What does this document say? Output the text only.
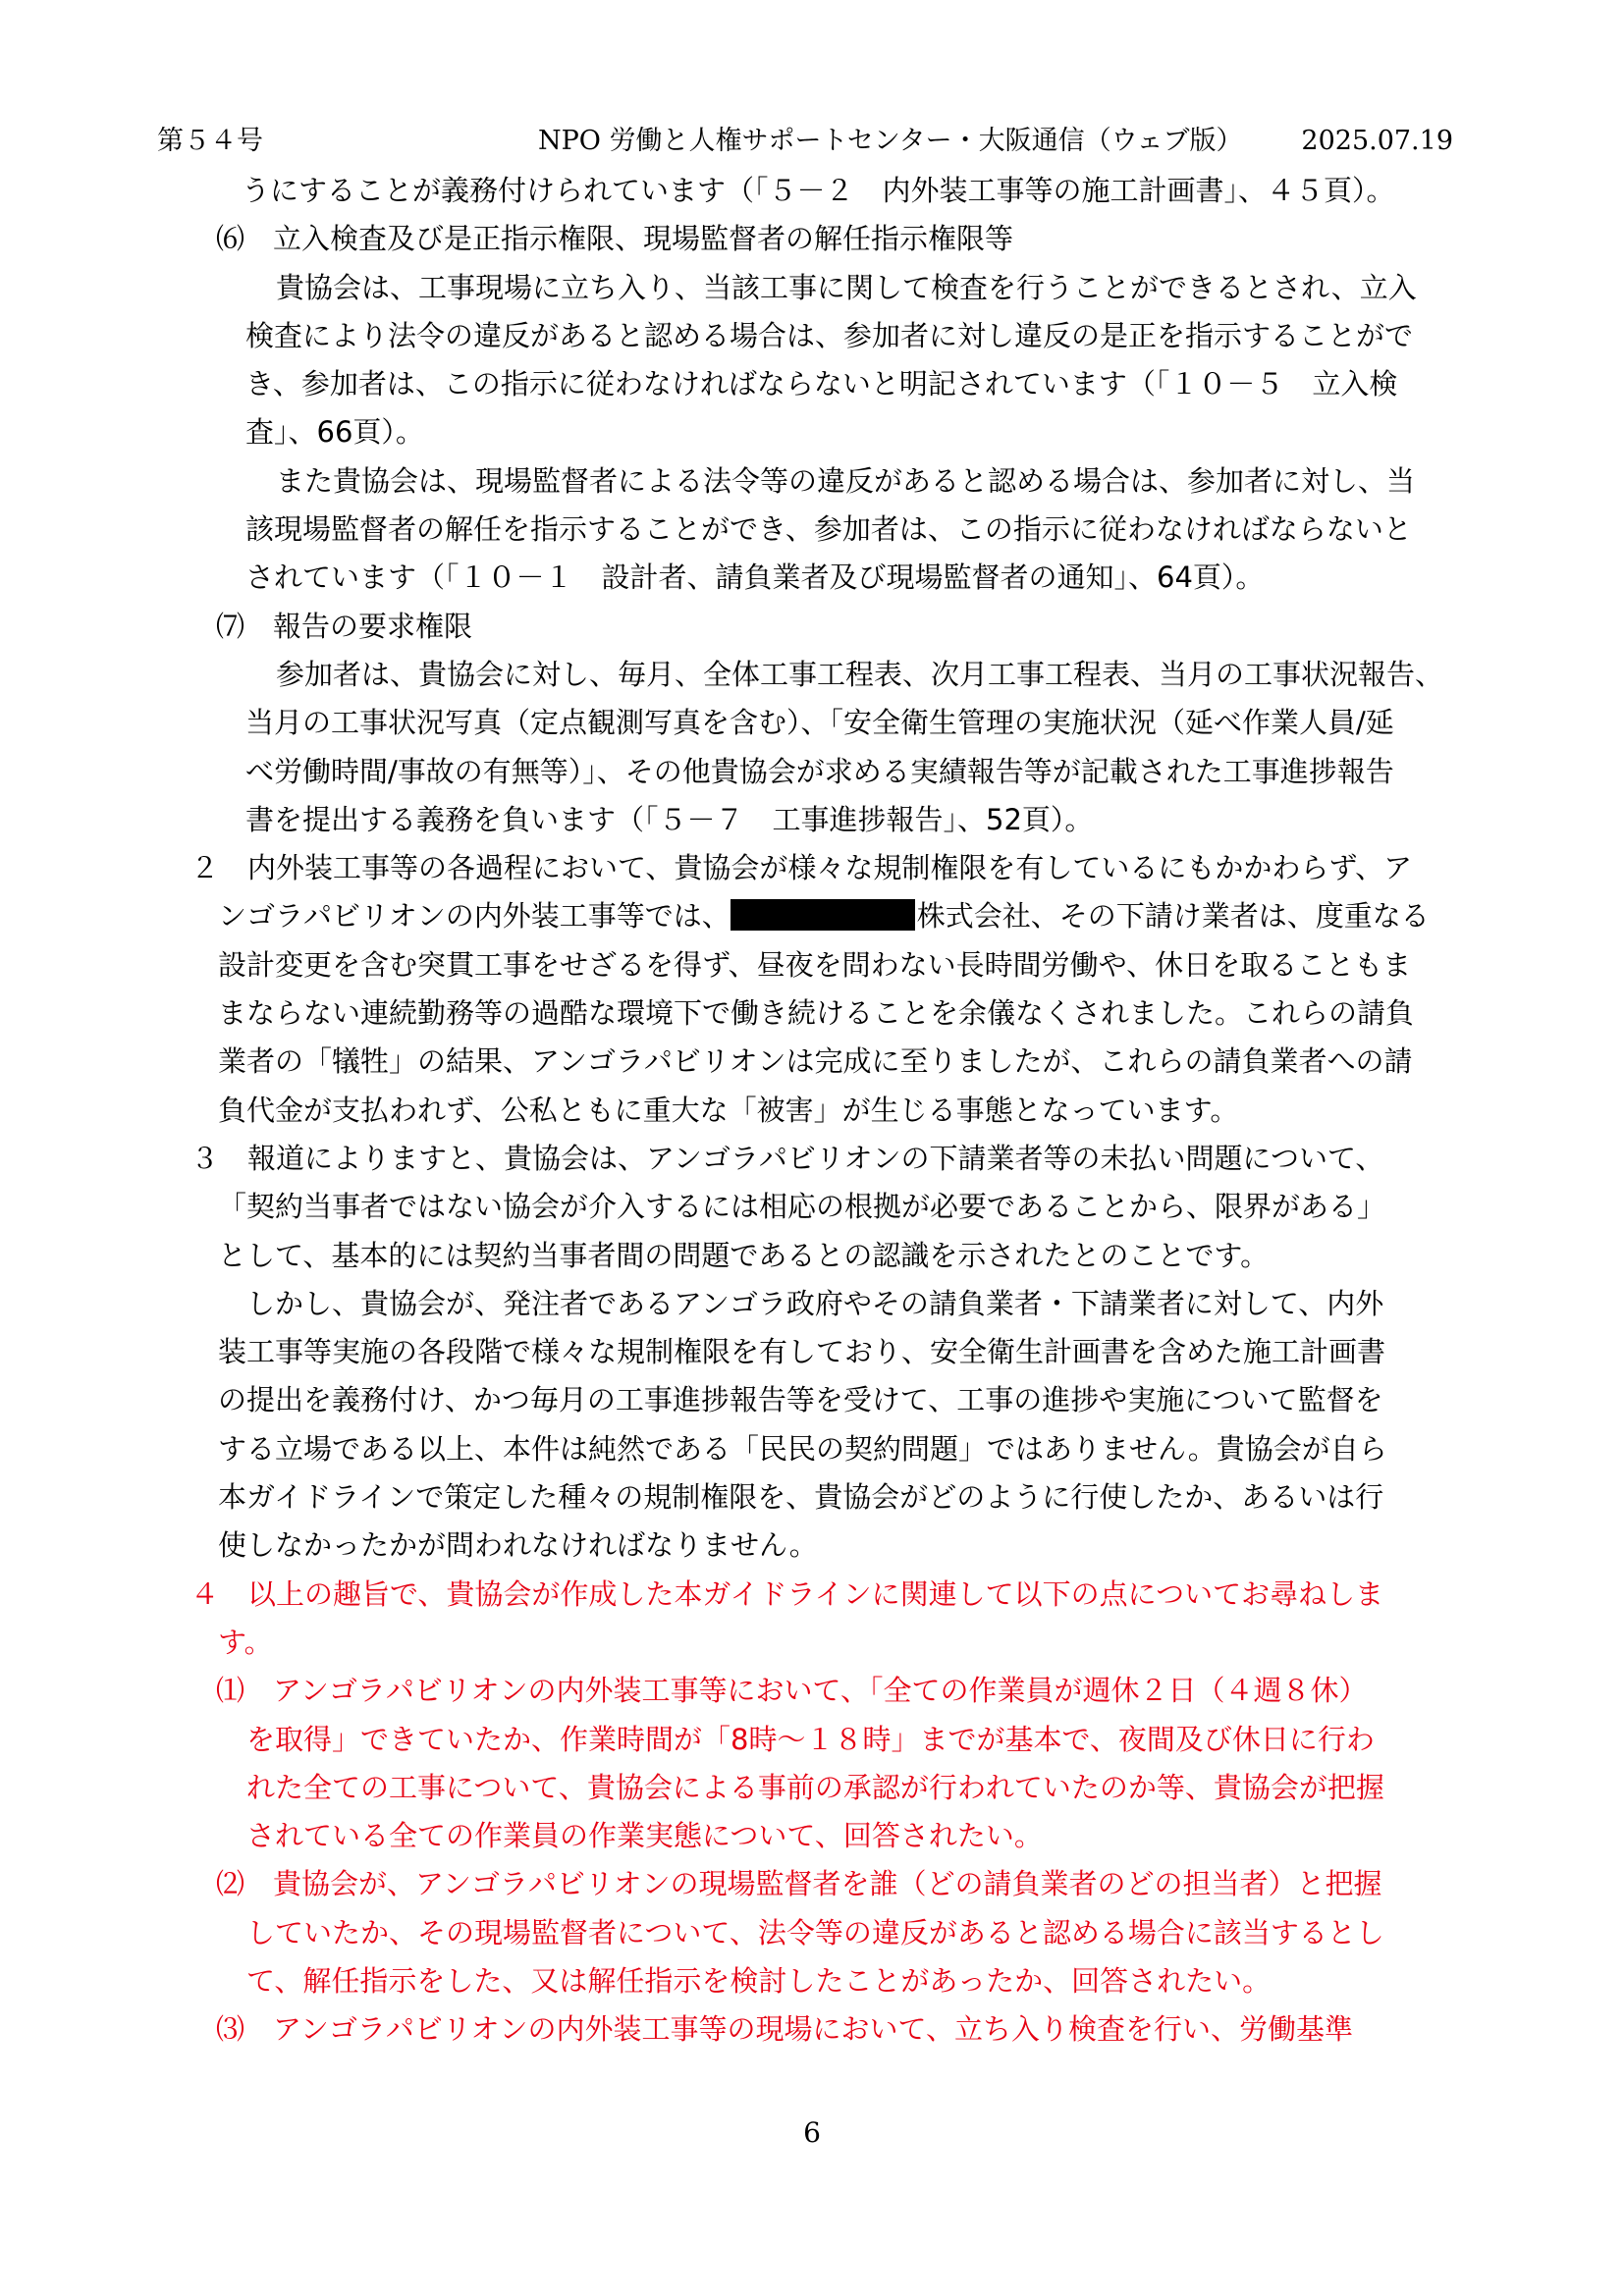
第５４号	NPO 労働と人権サポートセンター・大阪通信（ウェブ版） 2025.07.19
うにすることが義務付けられています（「５－２　内外装工事等の施工計画書」、４５頁）。
⑹　立入検査及び是正指示権限、現場監督者の解任指示権限等
貴協会は、工事現場に立ち入り、当該工事に関して検査を行うことができるとされ、立入
検査により法令の違反があると認める場合は、参加者に対し違反の是正を指示することがで
き、参加者は、この指示に従わなければならないと明記されています（「１０－５　立入検
査」、66頁）。
また貴協会は、現場監督者による法令等の違反があると認める場合は、参加者に対し、当
該現場監督者の解任を指示することができ、参加者は、この指示に従わなければならないと
されています（「１０－１　設計者、請負業者及び現場監督者の通知」、64頁）。
⑺　報告の要求権限
参加者は、貴協会に対し、毎月、全体工事工程表、次月工事工程表、当月の工事状況報告、
当月の工事状況写真（定点観測写真を含む）、「安全衛生管理の実施状況（延べ作業人員/延
べ労働時間/事故の有無等）」、その他貴協会が求める実績報告等が記載された工事進捗報告
書を提出する義務を負います（「５－７　工事進捗報告」、52頁）。
２　内外装工事等の各過程において、貴協会が様々な規制権限を有しているにもかかわらず、ア
ンゴラパビリオンの内外装工事等では、	株式会社、その下請け業者は、度重なる
設計変更を含む突貫工事をせざるを得ず、昼夜を問わない長時間労働や、休日を取ることもま
まならない連続勤務等の過酷な環境下で働き続けることを余儀なくされました。これらの請負
業者の「犠牲」の結果、アンゴラパビリオンは完成に至りましたが、これらの請負業者への請
負代金が支払われず、公私ともに重大な「被害」が生じる事態となっています。
３　報道によりますと、貴協会は、アンゴラパビリオンの下請業者等の未払い問題について、
「契約当事者ではない協会が介入するには相応の根拠が必要であることから、限界がある」
として、基本的には契約当事者間の問題であるとの認識を示されたとのことです。
しかし、貴協会が、発注者であるアンゴラ政府やその請負業者・下請業者に対して、内外
装工事等実施の各段階で様々な規制権限を有しており、安全衛生計画書を含めた施工計画書
の提出を義務付け、かつ毎月の工事進捗報告等を受けて、工事の進捗や実施について監督を
する立場である以上、本件は純然である「民民の契約問題」ではありません。貴協会が自ら
本ガイドラインで策定した種々の規制権限を、貴協会がどのように行使したか、あるいは行
使しなかったかが問われなければなりません。
４　以上の趣旨で、貴協会が作成した本ガイドラインに関連して以下の点についてお尋ねしま
す。
⑴　アンゴラパビリオンの内外装工事等において、「全ての作業員が週休２日（４週８休）
を取得」できていたか、作業時間が「8時～１８時」までが基本で、夜間及び休日に行わ
れた全ての工事について、貴協会による事前の承認が行われていたのか等、貴協会が把握
されている全ての作業員の作業実態について、回答されたい。
⑵　貴協会が、アンゴラパビリオンの現場監督者を誰（どの請負業者のどの担当者）と把握
していたか、その現場監督者について、法令等の違反があると認める場合に該当するとし
て、解任指示をした、又は解任指示を検討したことがあったか、回答されたい。
⑶　アンゴラパビリオンの内外装工事等の現場において、立ち入り検査を行い、労働基準
6
